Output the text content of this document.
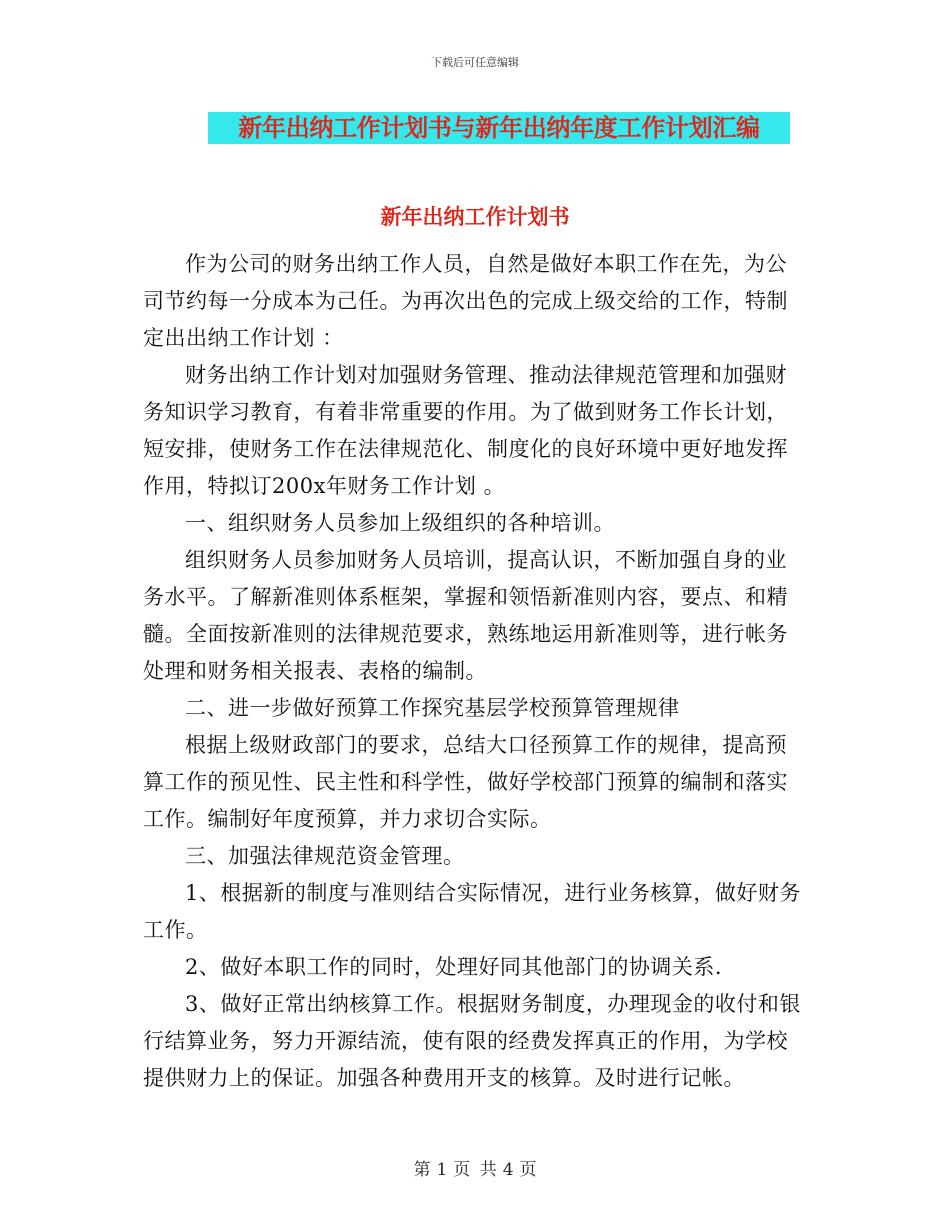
下载后可任意编辑
新年出纳工作计划书与新年出纳年度工作计划汇编
新年出纳工作计划书

作为公司的财务出纳工作人员，自然是做好本职工作在先，为公司节约每一分成本为己任。为再次出色的完成上级交给的工作，特制定出出纳工作计划 ：

财务出纳工作计划对加强财务管理、推动法律规范管理和加强财务知识学习教育，有着非常重要的作用。为了做到财务工作长计划，短安排，使财务工作在法律规范化、制度化的良好环境中更好地发挥作用，特拟订200x年财务工作计划 。

一、组织财务人员参加上级组织的各种培训。

组织财务人员参加财务人员培训，提高认识，不断加强自身的业务水平。了解新准则体系框架，掌握和领悟新准则内容，要点、和精髓。全面按新准则的法律规范要求，熟练地运用新准则等，进行帐务处理和财务相关报表、表格的编制。

二、进一步做好预算工作探究基层学校预算管理规律

根据上级财政部门的要求，总结大口径预算工作的规律，提高预算工作的预见性、民主性和科学性，做好学校部门预算的编制和落实工作。编制好年度预算，并力求切合实际。

三、加强法律规范资金管理。

1、根据新的制度与准则结合实际情况，进行业务核算，做好财务工作。

2、做好本职工作的同时，处理好同其他部门的协调关系.

3、做好正常出纳核算工作。根据财务制度，办理现金的收付和银行结算业务，努力开源结流，使有限的经费发挥真正的作用，为学校提供财力上的保证。加强各种费用开支的核算。及时进行记帐。

第 1 页 共 4 页
